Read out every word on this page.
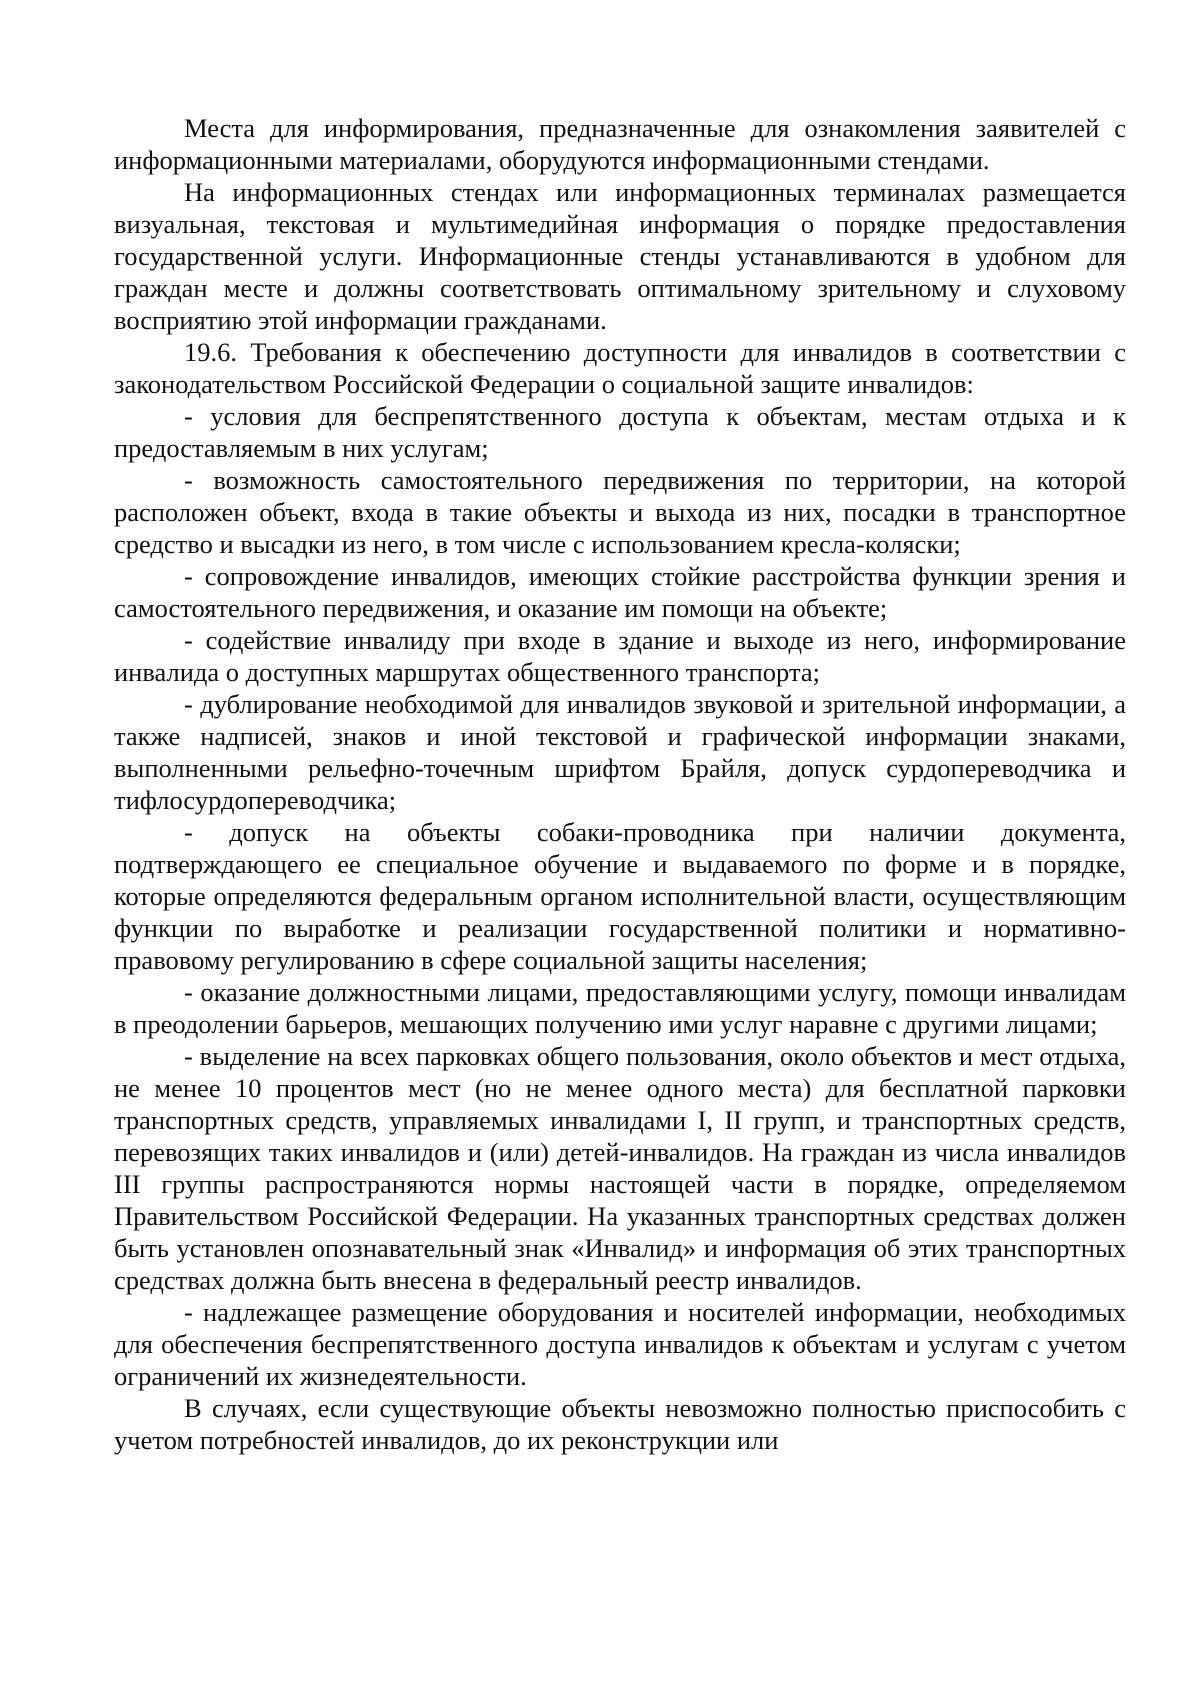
Места для информирования, предназначенные для ознакомления заявителей с информационными материалами, оборудуются информационными стендами.

На информационных стендах или информационных терминалах размещается визуальная, текстовая и мультимедийная информация о порядке предоставления государственной услуги. Информационные стенды устанавливаются в удобном для граждан месте и должны соответствовать оптимальному зрительному и слуховому восприятию этой информации гражданами.

19.6. Требования к обеспечению доступности для инвалидов в соответствии с законодательством Российской Федерации о социальной защите инвалидов:

- условия для беспрепятственного доступа к объектам, местам отдыха и к предоставляемым в них услугам;

- возможность самостоятельного передвижения по территории, на которой расположен объект, входа в такие объекты и выхода из них, посадки в транспортное средство и высадки из него, в том числе с использованием кресла-коляски;

- сопровождение инвалидов, имеющих стойкие расстройства функции зрения и самостоятельного передвижения, и оказание им помощи на объекте;

- содействие инвалиду при входе в здание и выходе из него, информирование инвалида о доступных маршрутах общественного транспорта;

- дублирование необходимой для инвалидов звуковой и зрительной информации, а также надписей, знаков и иной текстовой и графической информации знаками, выполненными рельефно-точечным шрифтом Брайля, допуск сурдопереводчика и тифлосурдопереводчика;

- допуск на объекты собаки-проводника при наличии документа, подтверждающего ее специальное обучение и выдаваемого по форме и в порядке, которые определяются федеральным органом исполнительной власти, осуществляющим функции по выработке и реализации государственной политики и нормативно-правовому регулированию в сфере социальной защиты населения;

- оказание должностными лицами, предоставляющими услугу, помощи инвалидам в преодолении барьеров, мешающих получению ими услуг наравне с другими лицами;

- выделение на всех парковках общего пользования, около объектов и мест отдыха, не менее 10 процентов мест (но не менее одного места) для бесплатной парковки транспортных средств, управляемых инвалидами I, II групп, и транспортных средств, перевозящих таких инвалидов и (или) детей-инвалидов. На граждан из числа инвалидов III группы распространяются нормы настоящей части в порядке, определяемом Правительством Российской Федерации. На указанных транспортных средствах должен быть установлен опознавательный знак «Инвалид» и информация об этих транспортных средствах должна быть внесена в федеральный реестр инвалидов.

- надлежащее размещение оборудования и носителей информации, необходимых для обеспечения беспрепятственного доступа инвалидов к объектам и услугам с учетом ограничений их жизнедеятельности.

В случаях, если существующие объекты невозможно полностью приспособить с учетом потребностей инвалидов, до их реконструкции или
